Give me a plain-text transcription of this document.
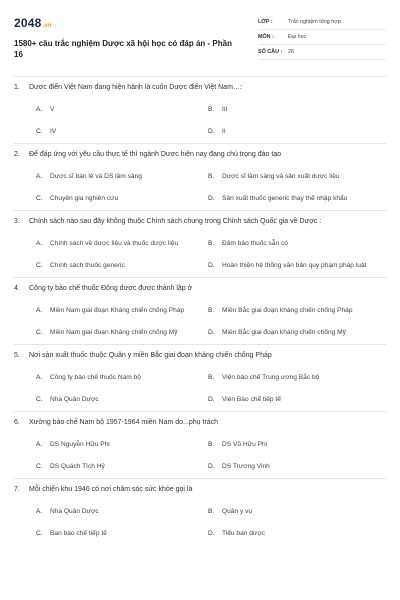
2048.vn
1580+ câu trắc nghiệm Dược xã hội học có đáp án - Phần 16
LỚP :	Trắc nghiệm tổng hợp
MÔN :	Đại học
SỐ CÂU :	26
1.	Dược điển Việt Nam đang hiện hành là cuốn Dược điển Việt Nam…:
A.	V	B.	III
C.	IV	D.	II
2.	Để đáp ứng với yêu cầu thực tế thì ngành Dược hiện nay đang chú trọng đào tạo
A.	Dược sĩ bán lẻ và DS lâm sàng	B.	Dược sĩ lâm sàng và sản xuất dược liệu
C.	Chuyên gia nghiên cứu	D.	Sản xuất thuốc generic thay thế nhập khẩu
3.	Chính sách nào sau đây không thuộc Chính sách chung trong Chính sách Quốc gia về Dược :
A.	Chính sách về dược liệu và thuốc dược liệu	B.	Đảm bảo thuốc sẵn có
C.	Chính sách thuốc generic	D.	Hoàn thiện hệ thống văn bản quy phạm pháp luật
4.	Công ty bào chế thuốc Đông dược được thành lập ở
A.	Miền Nam giai đoạn Kháng chiến chống Pháp	B.	Miền Bắc giai đoạn kháng chiến chống Pháp
C.	Miền Nam giai đoạn Kháng chiến chống Mỹ	D.	Miền Bắc giai đoạn kháng chiến chống Mỹ
5.	Nơi sản xuất thuốc thuộc Quân y miền Bắc giai đoạn kháng chiến chống Pháp
A.	Công ty bào chế thuốc Nam bộ	B.	Viện bào chế Trung ương Bắc bộ
C.	Nha Quân Dược	D.	Viện Bào chế tiếp tế
6.	Xưởng bào chế Nam bộ 1957-1964 miền Nam do...phụ trách
A.	DS Nguyễn Hữu Phi	B.	DS Võ Hữu Phi
C.	DS Quách Tích Hỷ	D.	DS Trương Vinh
7.	Mỗi chiến khu 1946 có nơi chăm sóc sức khỏe gọi là
A.	Nha Quân Dược	B.	Quân y vụ
C.	Ban bào chế tiếp tế	D.	Tiểu ban dược
